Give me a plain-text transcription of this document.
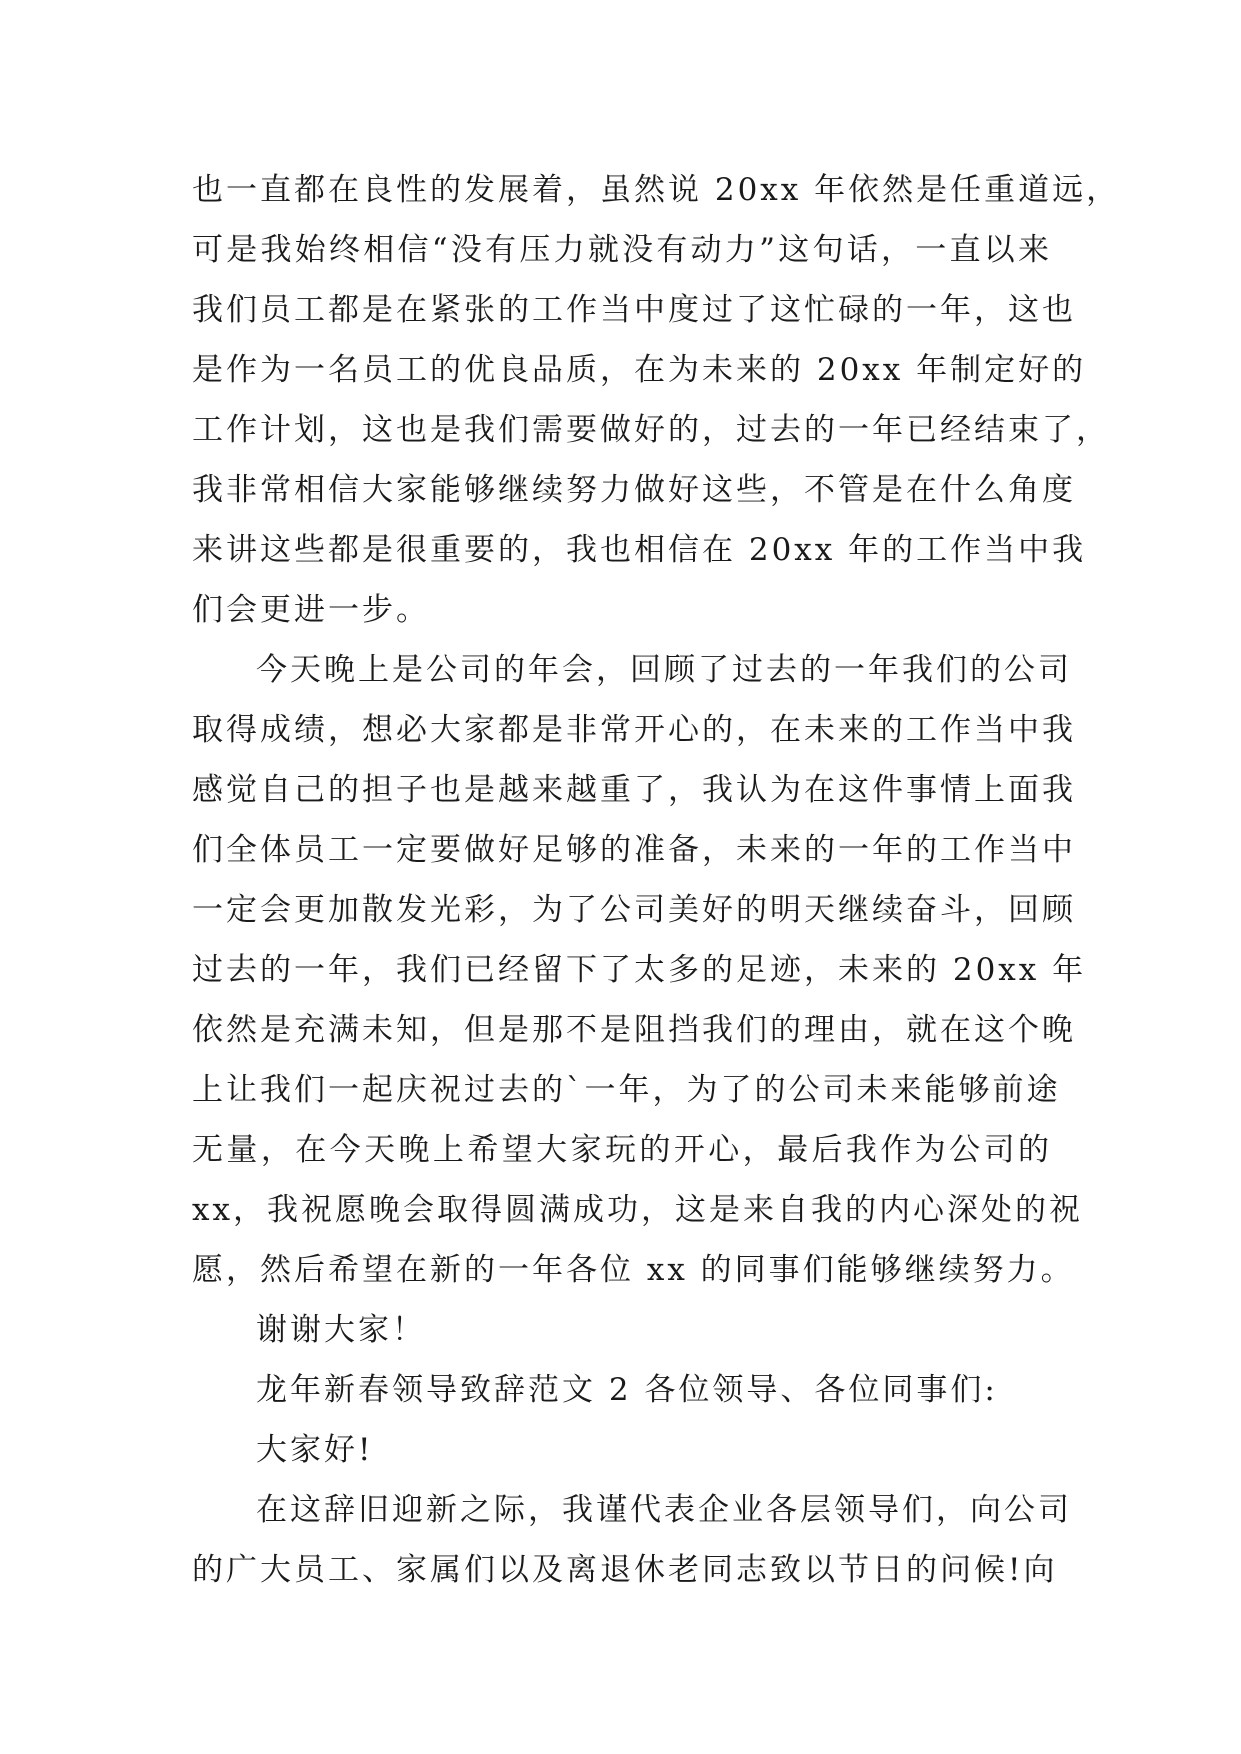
也一直都在良性的发展着，虽然说 20xx 年依然是任重道远，
可是我始终相信“没有压力就没有动力”这句话，一直以来
我们员工都是在紧张的工作当中度过了这忙碌的一年，这也
是作为一名员工的优良品质，在为未来的 20xx 年制定好的
工作计划，这也是我们需要做好的，过去的一年已经结束了，
我非常相信大家能够继续努力做好这些，不管是在什么角度
来讲这些都是很重要的，我也相信在 20xx 年的工作当中我
们会更进一步。
今天晚上是公司的年会，回顾了过去的一年我们的公司
取得成绩，想必大家都是非常开心的，在未来的工作当中我
感觉自己的担子也是越来越重了，我认为在这件事情上面我
们全体员工一定要做好足够的准备，未来的一年的工作当中
一定会更加散发光彩，为了公司美好的明天继续奋斗，回顾
过去的一年，我们已经留下了太多的足迹，未来的 20xx 年
依然是充满未知，但是那不是阻挡我们的理由，就在这个晚
上让我们一起庆祝过去的`一年，为了的公司未来能够前途
无量，在今天晚上希望大家玩的开心，最后我作为公司的
xx，我祝愿晚会取得圆满成功，这是来自我的内心深处的祝
愿，然后希望在新的一年各位 xx 的同事们能够继续努力。
谢谢大家！
龙年新春领导致辞范文 2 各位领导、各位同事们:
大家好!
在这辞旧迎新之际，我谨代表企业各层领导们，向公司
的广大员工、家属们以及离退休老同志致以节日的问候!向
